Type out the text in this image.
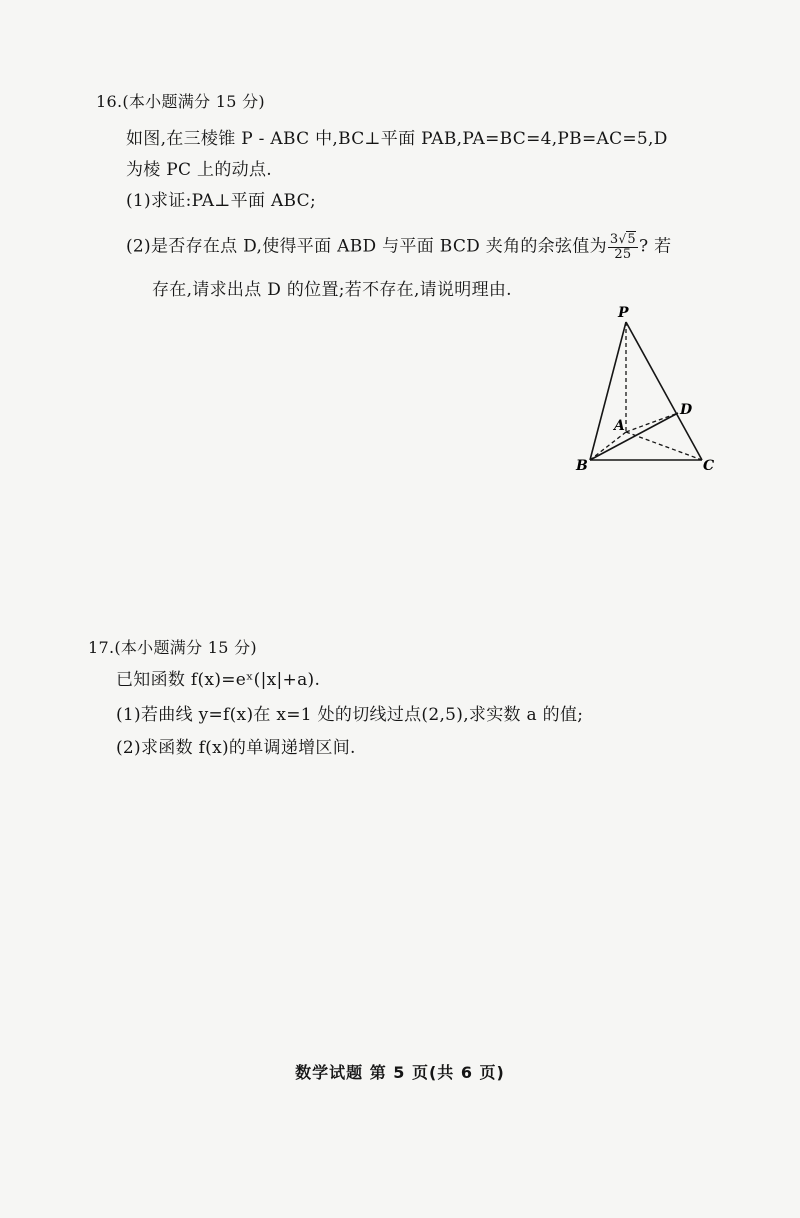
16.(本小题满分 15 分)
如图,在三棱锥 P - ABC 中,BC⊥平面 PAB,PA=BC=4,PB=AC=5,D
为棱 PC 上的动点.
(1)求证:PA⊥平面 ABC;
(2)是否存在点 D,使得平面 ABD 与平面 BCD 夹角的余弦值为 $\frac{3√5}{25}$ ? 若
存在,请求出点 D 的位置;若不存在,请说明理由.
P
A
B	C
D
17.(本小题满分 15 分)
已知函数 f(x)=eˣ(|x|+a).
(1)若曲线 y=f(x)在 x=1 处的切线过点(2,5),求实数 a 的值;
(2)求函数 f(x)的单调递增区间.
数学试题 第 5 页(共 6 页)
